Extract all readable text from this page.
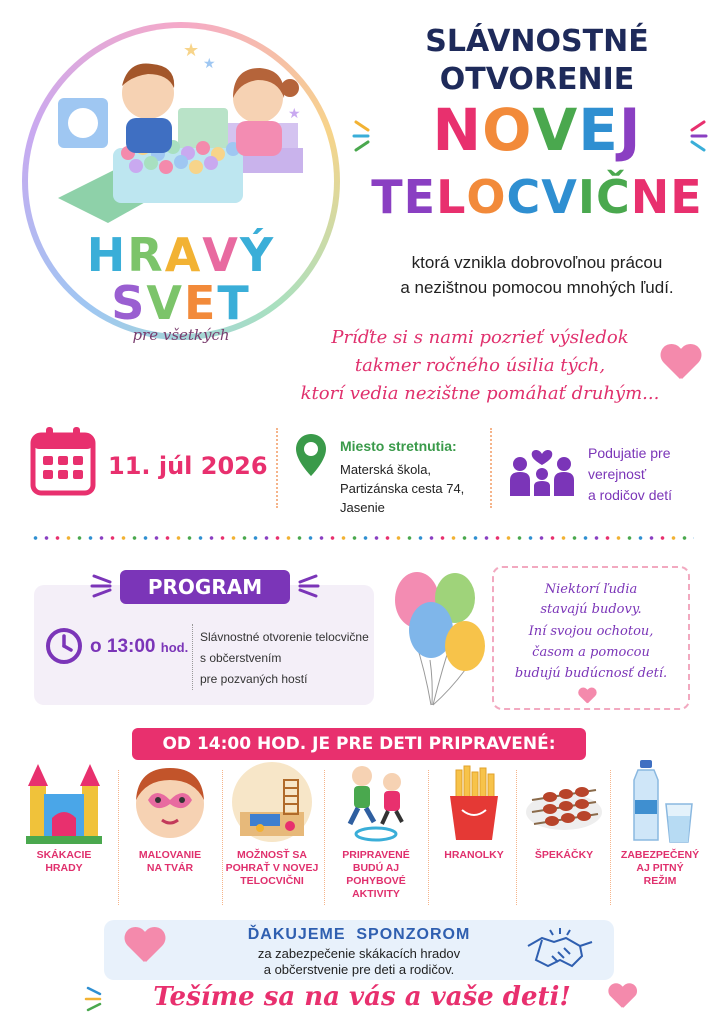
★
★
★
HRAVÝ
SVET
pre všetkých
SLÁVNOSTNÉ
OTVORENIE
NOVEJ
TELOCVIČNE
ktorá vznikla dobrovoľnou prácou
a nezištnou pomocou mnohých ľudí.
Príďte si s nami pozrieť výsledok
takmer ročného úsilia tých,
ktorí vedia nezištne pomáhať druhým...
11. júl 2026
Miesto stretnutia:
Materská škola,
Partizánska cesta 74,
Jasenie
Podujatie pre
verejnosť
a rodičov detí
PROGRAM
o 13:00 hod.
Slávnostné otvorenie telocvične
s občerstvením
pre pozvaných hostí
Niektorí ľudia
stavajú budovy.
Iní svojou ochotou,
časom a pomocou
budujú budúcnosť detí.
OD 14:00 HOD. JE PRE DETI PRIPRAVENÉ:
SKÁKACIE
HRADY
MAĽOVANIE
NA TVÁR
MOŽNOSŤ SA
POHRAŤ V NOVEJ
TELOCVIČNI
PRIPRAVENÉ
BUDÚ AJ
POHYBOVÉ
AKTIVITY
HRANOLKY	ŠPEKÁČKY	ZABEZPEČENÝ
AJ PITNÝ
REŽIM
ĎAKUJEME  SPONZOROM
za zabezpečenie skákacích hradov
a občerstvenie pre deti a rodičov.
Tešíme sa na vás a vaše deti!
